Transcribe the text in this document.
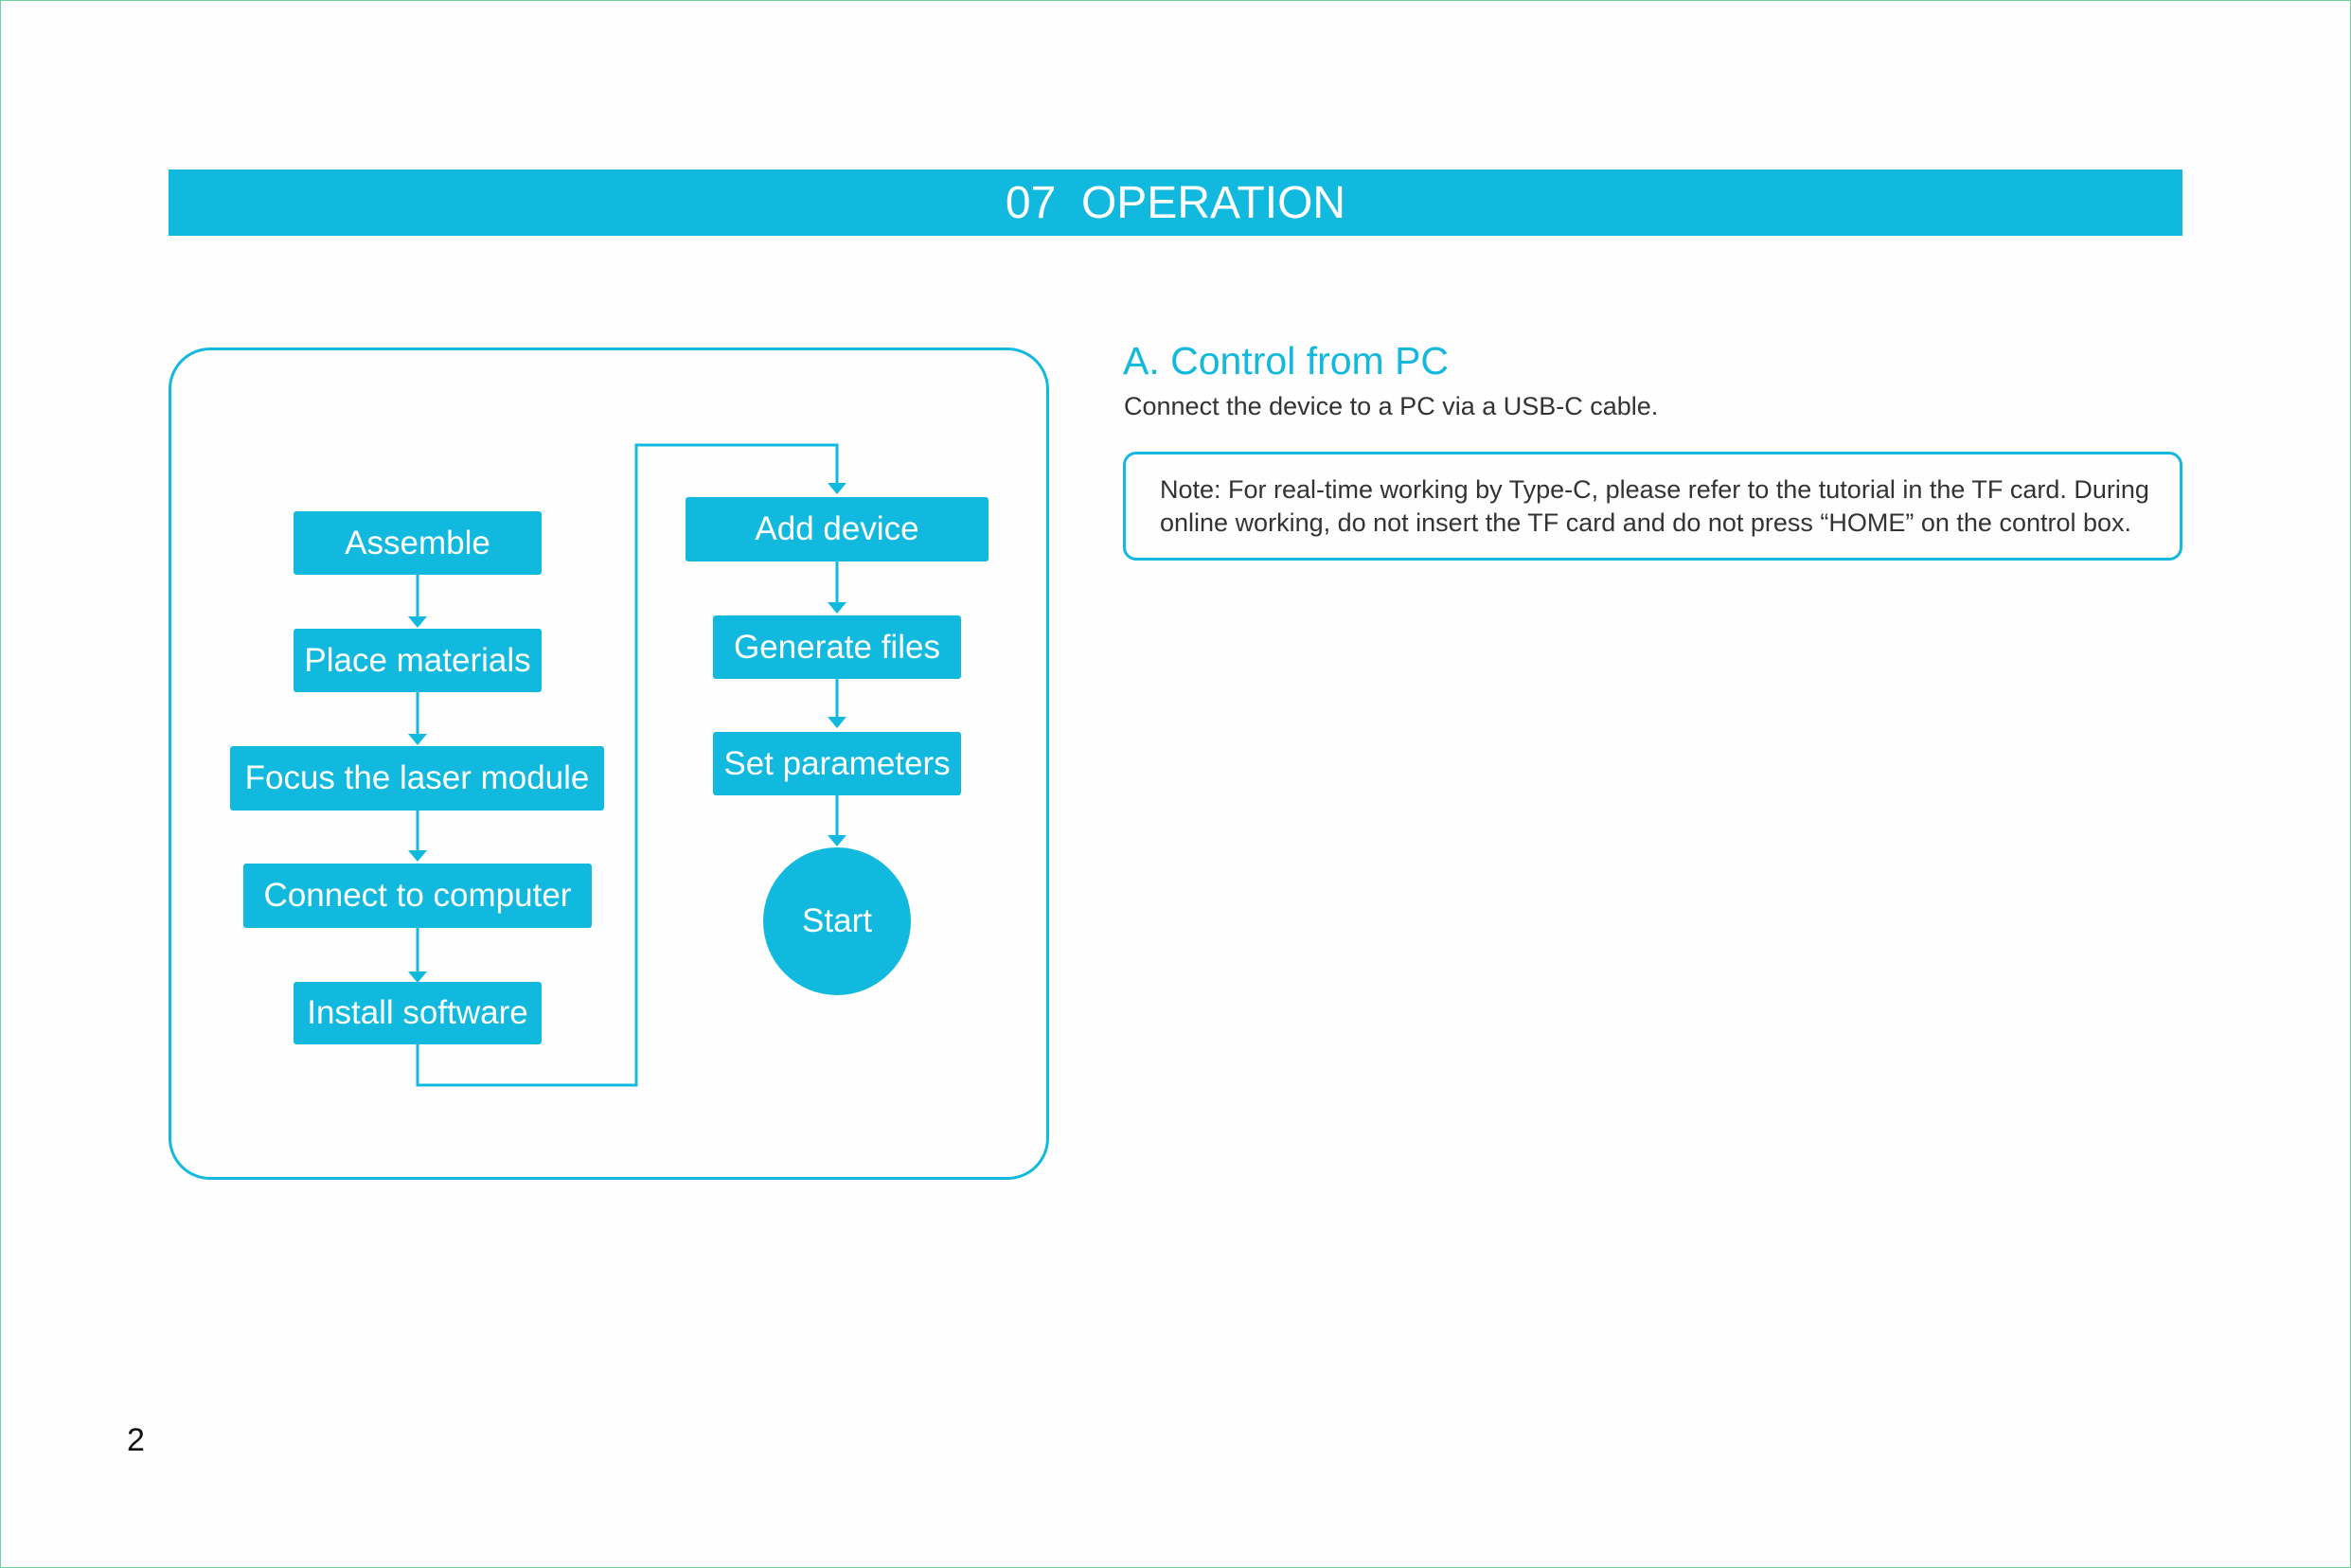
07
OPERATION
Assemble
Place materials
Focus the laser module
Connect to computer
Install software
Add device
Generate files
Set parameters
Start
A. Control from PC
Connect the device to a PC via a USB-C cable.
Note: For real-time working by Type-C, please refer to the tutorial in the TF card. During
online working, do not insert the TF card and do not press “HOME” on the control box.
2
